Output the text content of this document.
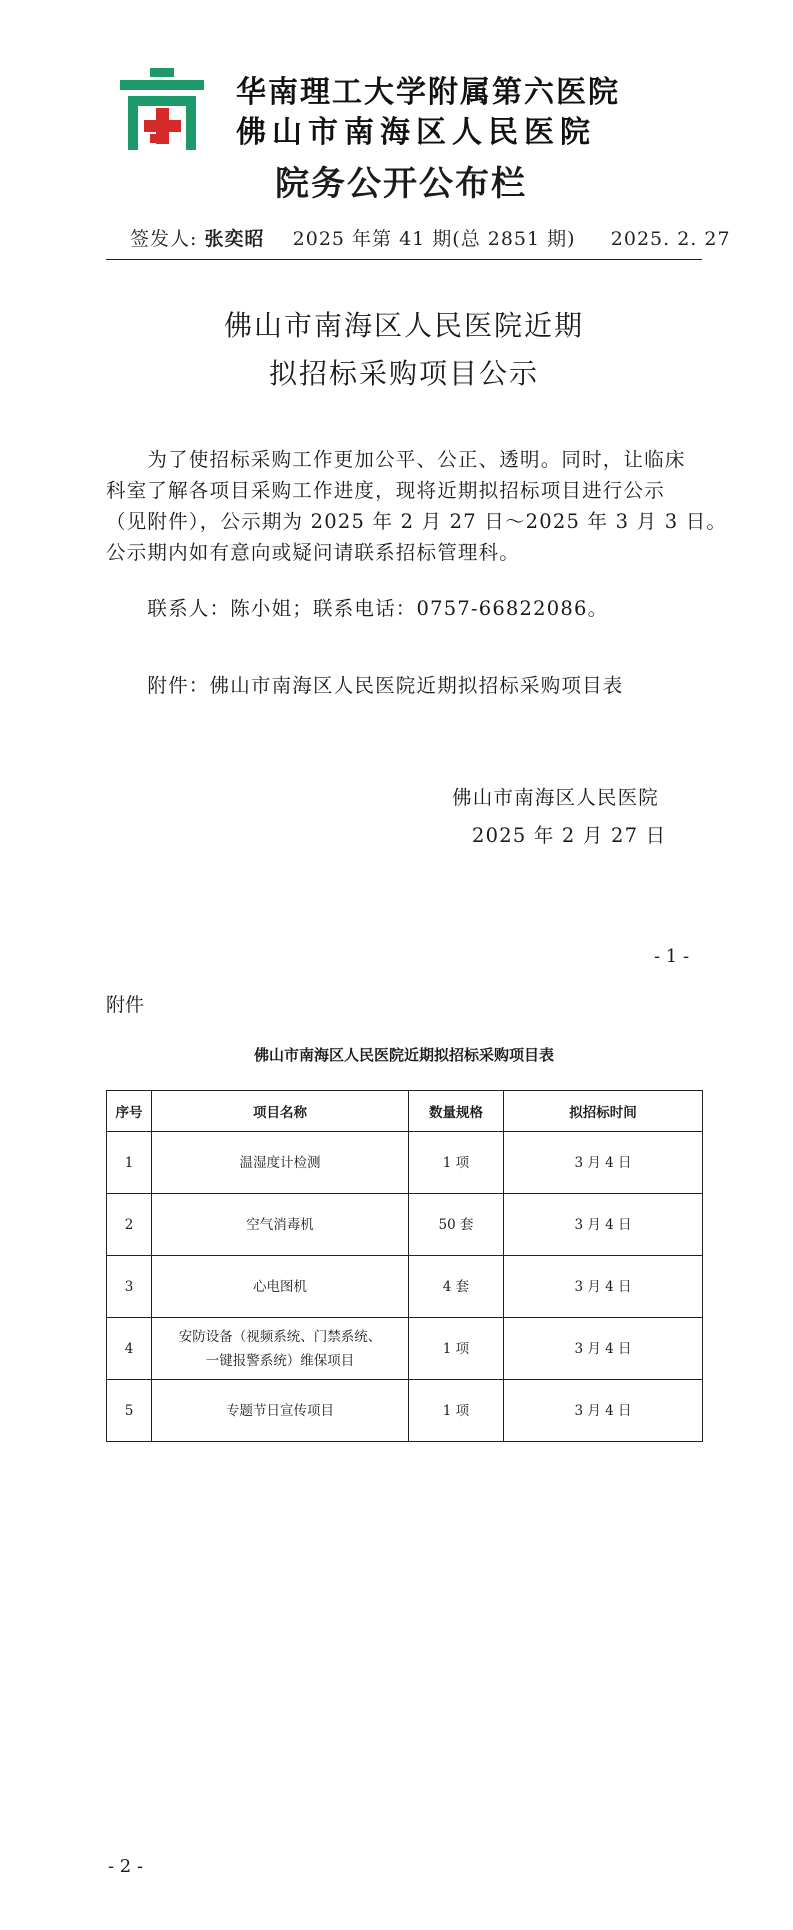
华南理工大学附属第六医院
佛山市南海区人民医院
院务公开公布栏
签发人: 张奕昭 2025 年第 41 期(总 2851 期) 2025. 2. 27
佛山市南海区人民医院近期
拟招标采购项目公示
　　为了使招标采购工作更加公平、公正、透明。同时，让临床
科室了解各项目采购工作进度，现将近期拟招标项目进行公示
（见附件），公示期为 2025 年 2 月 27 日～2025 年 3 月 3 日。
公示期内如有意向或疑问请联系招标管理科。
　　联系人：陈小姐；联系电话：0757-66822086。
　　附件：佛山市南海区人民医院近期拟招标采购项目表
佛山市南海区人民医院
2025 年 2 月 27 日
- 1 -
附件
佛山市南海区人民医院近期拟招标采购项目表
序号	项目名称	数量规格	拟招标时间
1	温湿度计检测	1 项	3 月 4 日
2	空气消毒机	50 套	3 月 4 日
3	心电图机	4 套	3 月 4 日
4	安防设备（视频系统、门禁系统、
一键报警系统）维保项目	1 项	3 月 4 日
5	专题节日宣传项目	1 项	3 月 4 日
- 2 -
